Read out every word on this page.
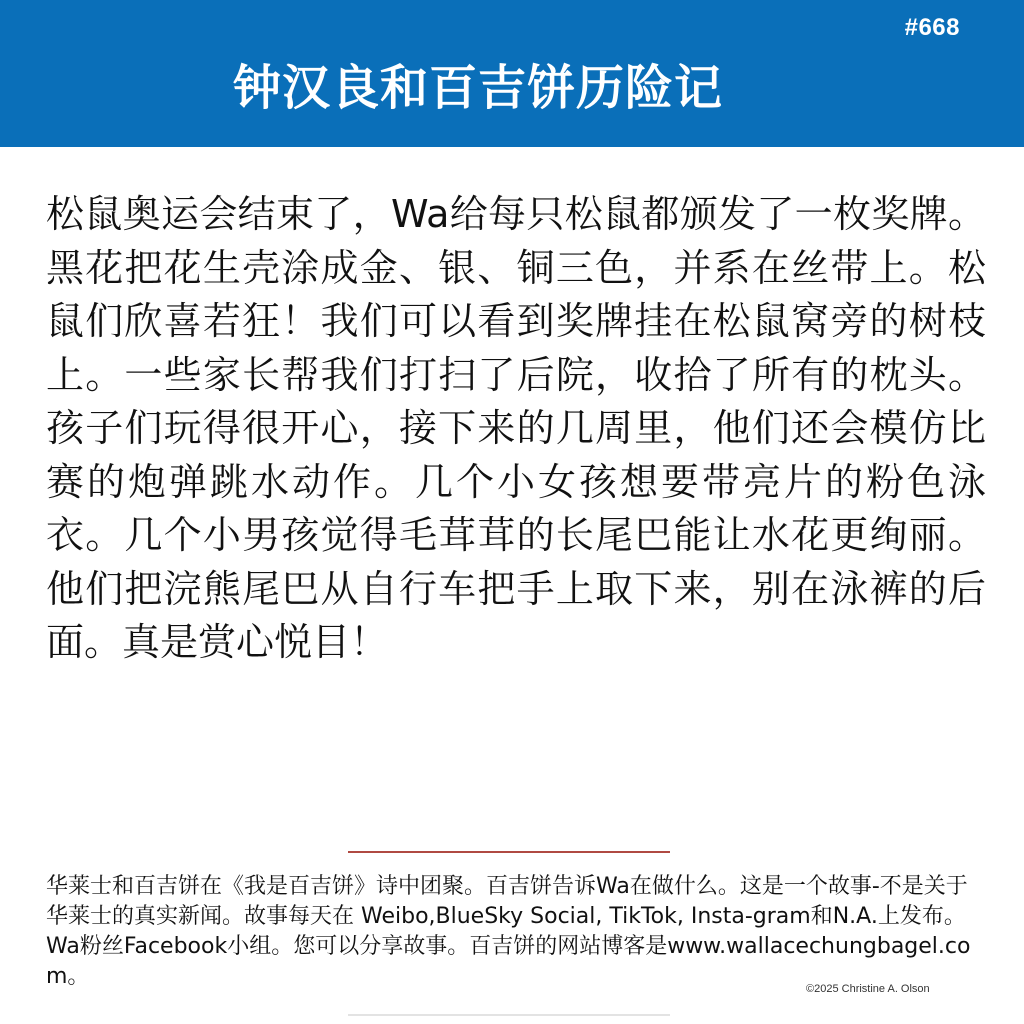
#668
钟汉良和百吉饼历险记

松鼠奥运会结束了，Wa给每只松鼠都颁发了一枚奖牌。黑花把花生壳涂成金、银、铜三色，并系在丝带上。松鼠们欣喜若狂！我们可以看到奖牌挂在松鼠窝旁的树枝上。一些家长帮我们打扫了后院，收拾了所有的枕头。孩子们玩得很开心，接下来的几周里，他们还会模仿比赛的炮弹跳水动作。几个小女孩想要带亮片的粉色泳衣。几个小男孩觉得毛茸茸的长尾巴能让水花更绚丽。他们把浣熊尾巴从自行车把手上取下来，别在泳裤的后面。真是赏心悦目！

华莱士和百吉饼在《我是百吉饼》诗中团聚。百吉饼告诉Wa在做什么。这是一个故事-不是关于华莱士的真实新闻。故事每天在 Weibo,BlueSky Social, TikTok, Insta-gram和N.A.上发布。Wa粉丝Facebook小组。您可以分享故事。百吉饼的网站博客是www.wallacechungbagel.com。	©2025 Christine A. Olson
